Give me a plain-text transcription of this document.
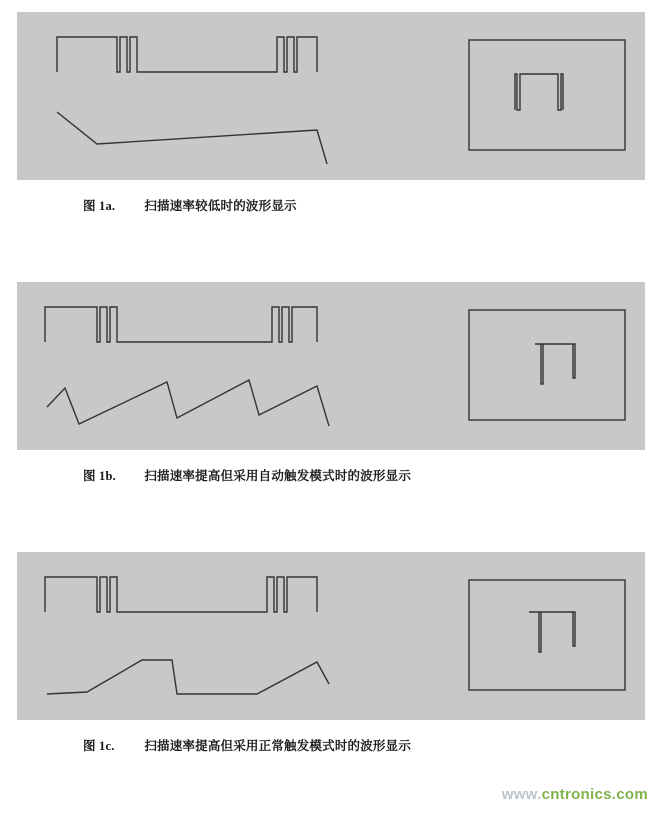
图 1a. 扫描速率较低时的波形显示
图 1b. 扫描速率提高但采用自动触发模式时的波形显示
图 1c. 扫描速率提高但采用正常触发模式时的波形显示
www.cntronics.com
